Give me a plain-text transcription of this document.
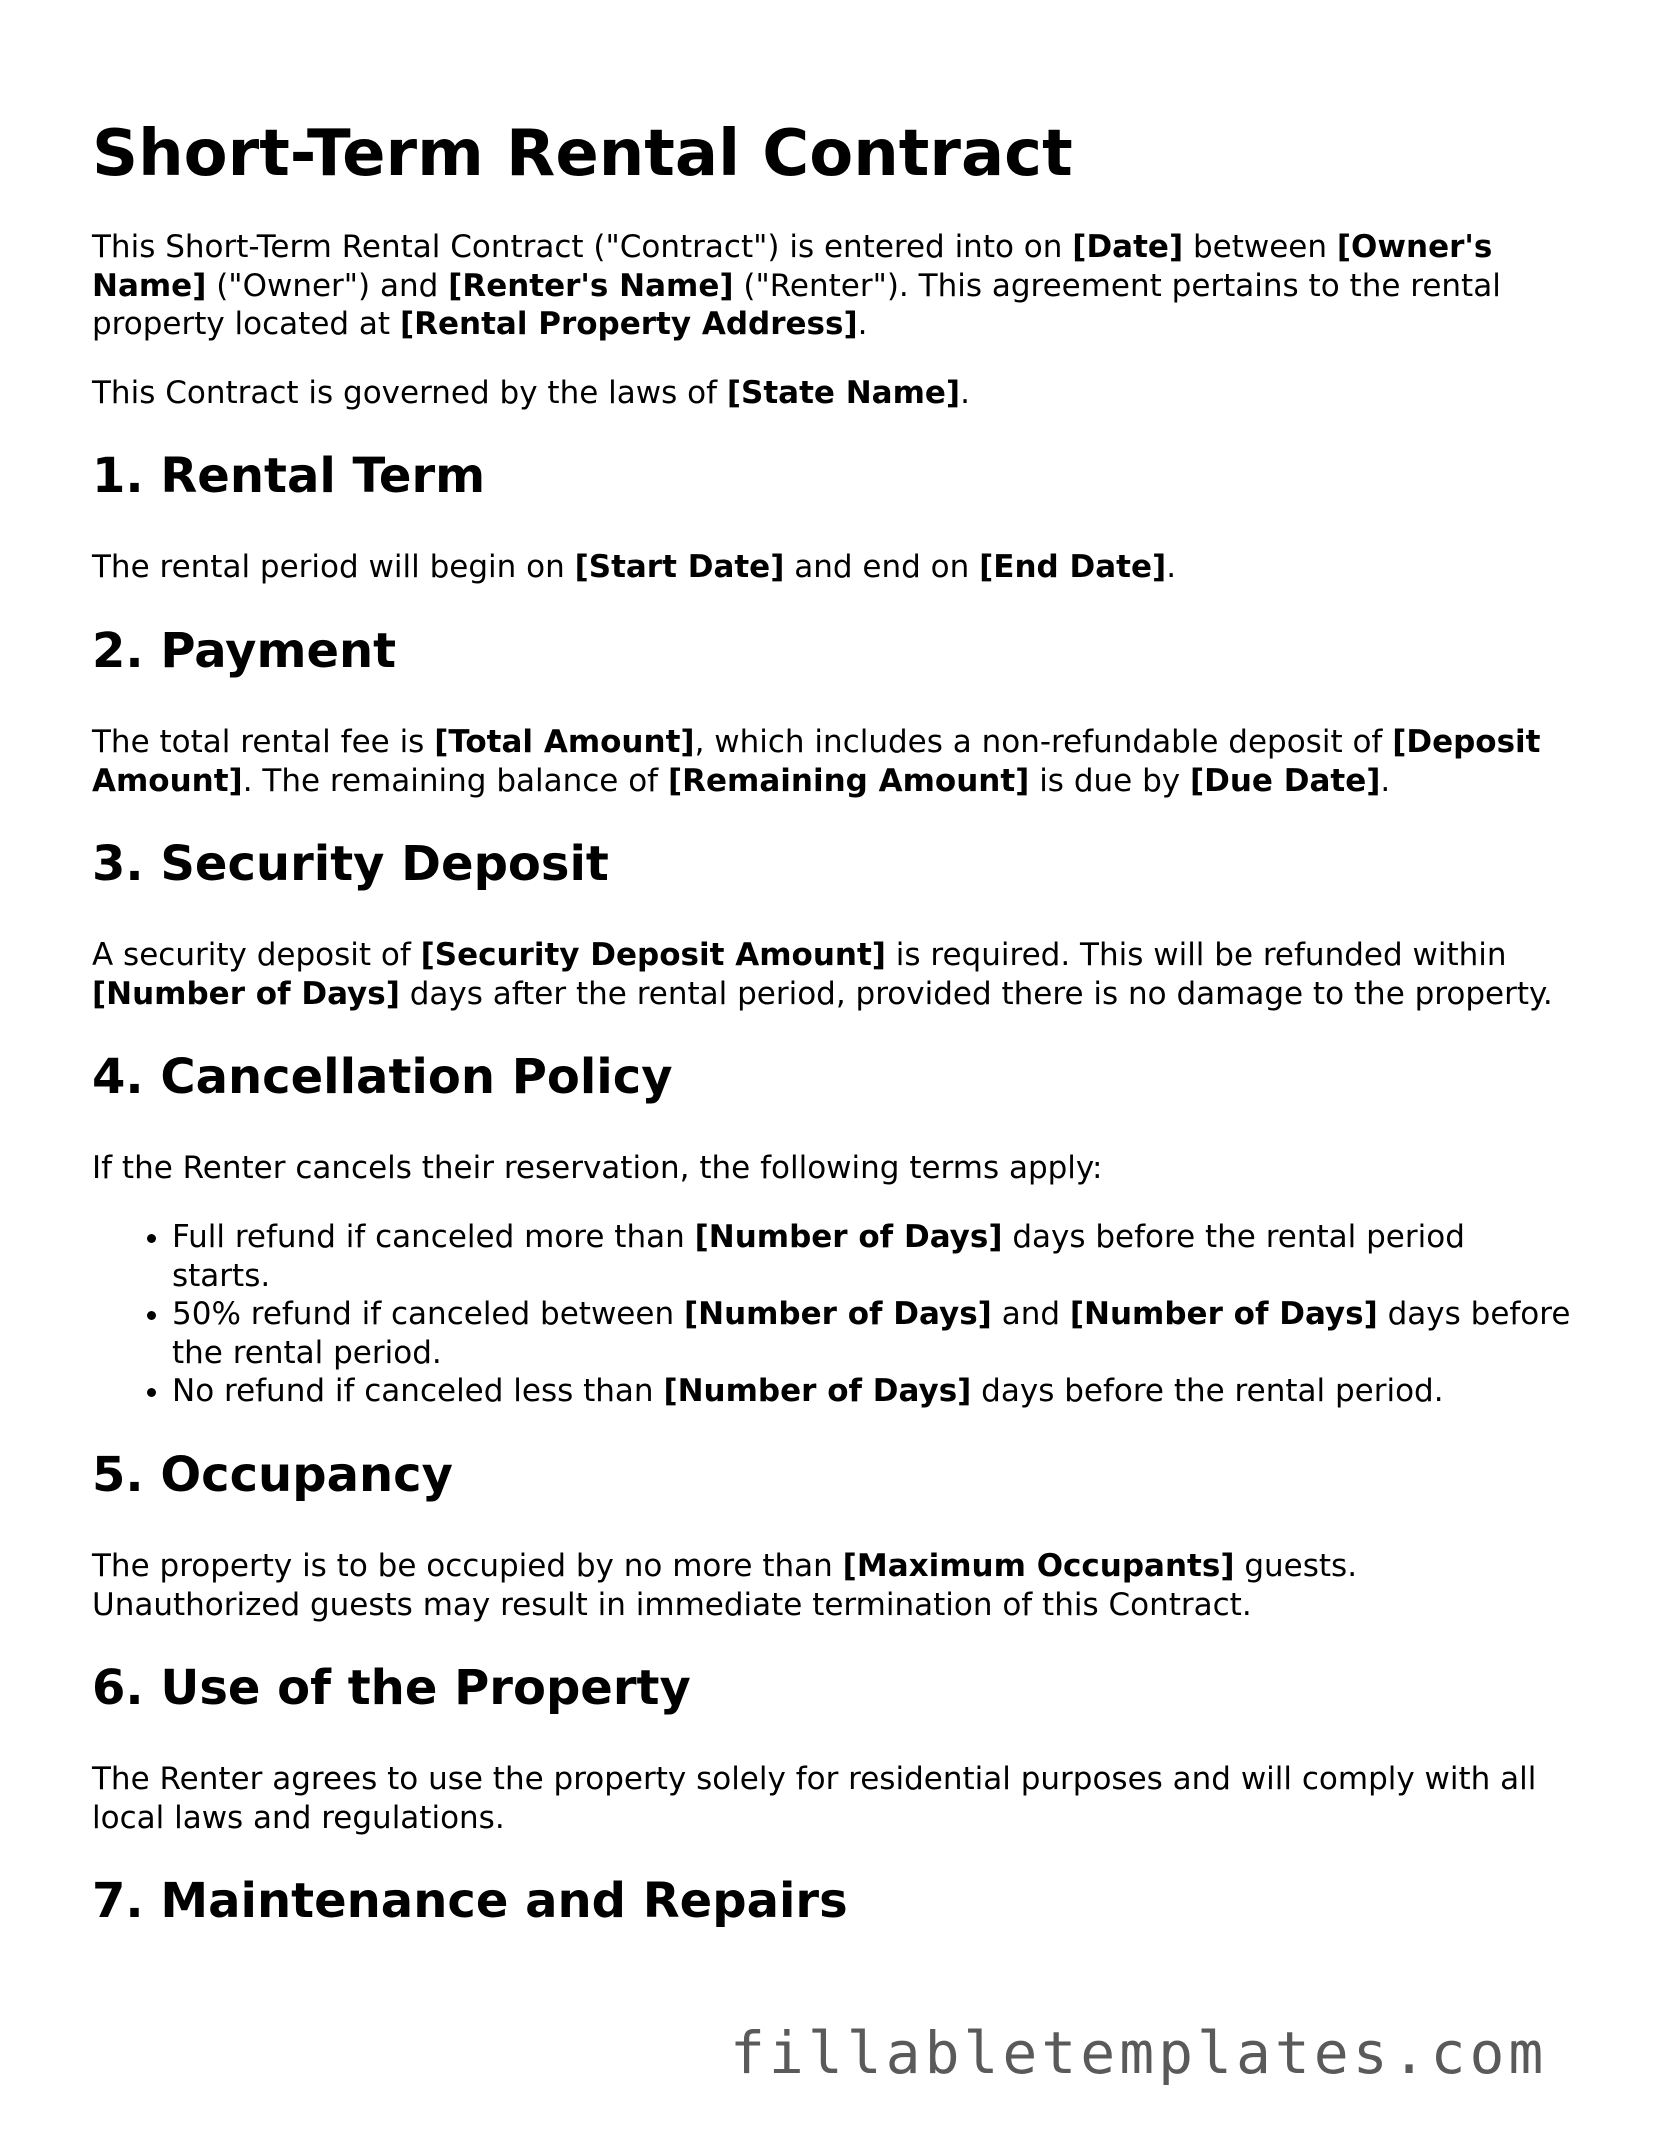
Short-Term Rental Contract

This Short-Term Rental Contract ("Contract") is entered into on [Date] between [Owner's Name] ("Owner") and [Renter's Name] ("Renter"). This agreement pertains to the rental property located at [Rental Property Address].

This Contract is governed by the laws of [State Name].

1. Rental Term

The rental period will begin on [Start Date] and end on [End Date].

2. Payment

The total rental fee is [Total Amount], which includes a non-refundable deposit of [Deposit Amount]. The remaining balance of [Remaining Amount] is due by [Due Date].

3. Security Deposit

A security deposit of [Security Deposit Amount] is required. This will be refunded within [Number of Days] days after the rental period, provided there is no damage to the property.

4. Cancellation Policy

If the Renter cancels their reservation, the following terms apply:

• Full refund if canceled more than [Number of Days] days before the rental period starts.
• 50% refund if canceled between [Number of Days] and [Number of Days] days before the rental period.
• No refund if canceled less than [Number of Days] days before the rental period.
5. Occupancy

The property is to be occupied by no more than [Maximum Occupants] guests. Unauthorized guests may result in immediate termination of this Contract.

6. Use of the Property

The Renter agrees to use the property solely for residential purposes and will comply with all local laws and regulations.

7. Maintenance and Repairs
fillabletemplates.com
